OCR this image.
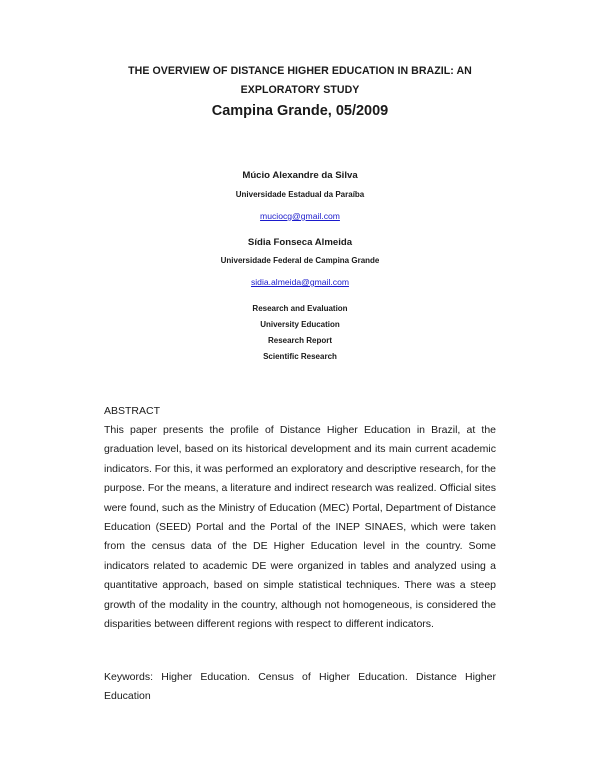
THE OVERVIEW OF DISTANCE HIGHER EDUCATION IN BRAZIL: AN
EXPLORATORY STUDY
Campina Grande, 05/2009
Múcio Alexandre da Silva
Universidade Estadual da Paraíba
muciocg@gmail.com
Sídia Fonseca Almeida
Universidade Federal de Campina Grande
sidia.almeida@gmail.com
Research and Evaluation
University Education
Research Report
Scientific Research
ABSTRACT
This paper presents the profile of Distance Higher Education in Brazil, at the graduation level, based on its historical development and its main current academic indicators. For this, it was performed an exploratory and descriptive research, for the purpose. For the means, a literature and indirect research was realized. Official sites were found, such as the Ministry of Education (MEC) Portal, Department of Distance Education (SEED) Portal and the Portal of the INEP SINAES, which were taken from the census data of the DE Higher Education level in the country. Some indicators related to academic DE were organized in tables and analyzed using a quantitative approach, based on simple statistical techniques. There was a steep growth of the modality in the country, although not homogeneous, is considered the disparities between different regions with respect to different indicators.
Keywords: Higher Education. Census of Higher Education. Distance Higher Education
